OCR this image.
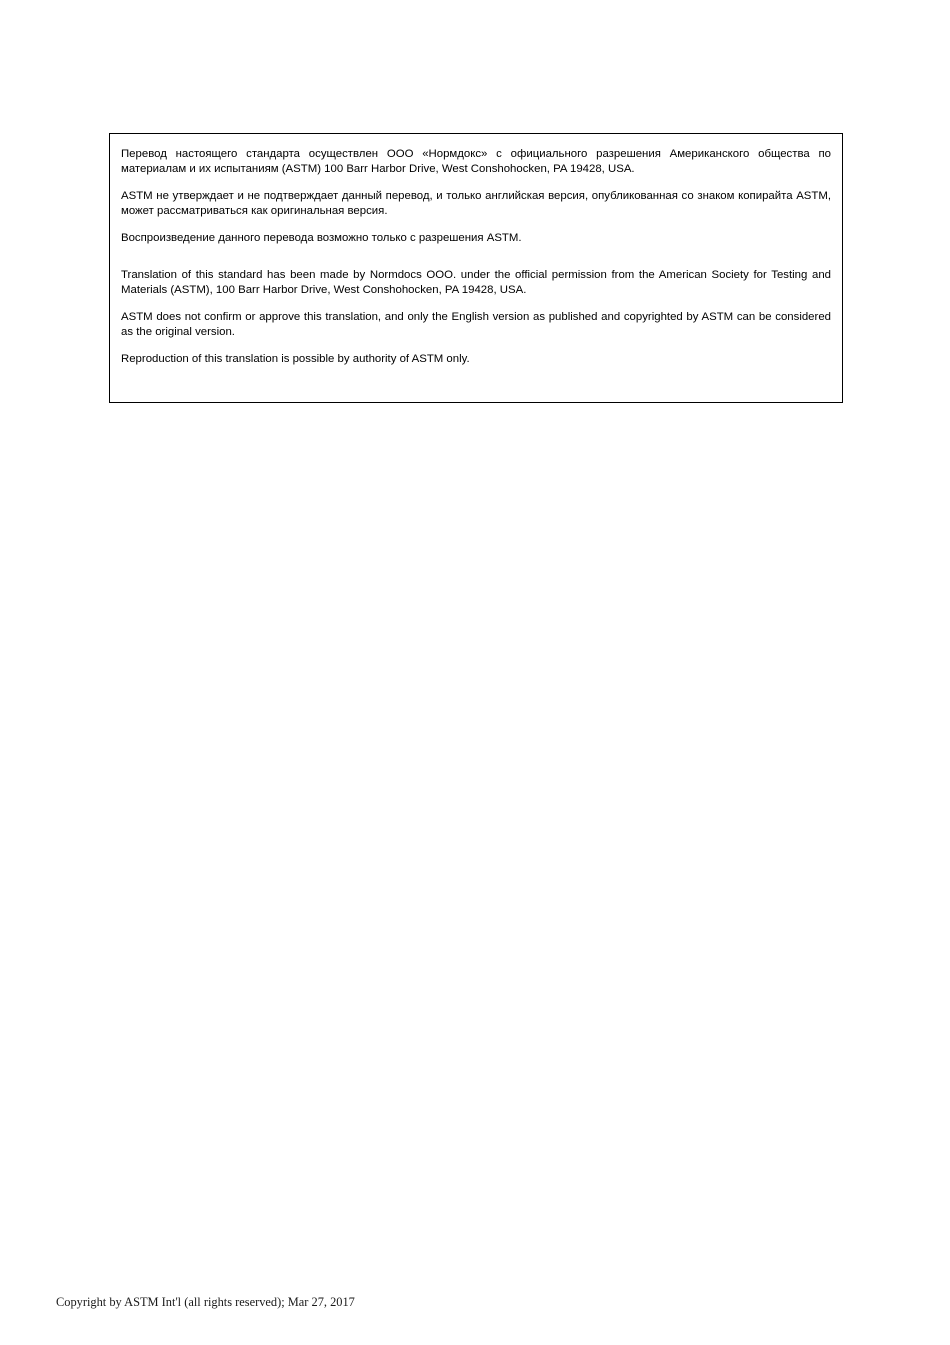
Перевод настоящего стандарта осуществлен ООО «Нормдокс» с официального разрешения Американского общества по материалам и их испытаниям (ASTM) 100 Barr Harbor Drive, West Conshohocken, PA 19428, USA.

ASTM не утверждает и не подтверждает данный перевод, и только английская версия, опубликованная со знаком копирайта ASTM, может рассматриваться как оригинальная версия.

Воспроизведение данного перевода возможно только с разрешения ASTM.

Translation of this standard has been made by Normdocs OOO. under the official permission from the American Society for Testing and Materials (ASTM), 100 Barr Harbor Drive, West Conshohocken, PA 19428, USA.

ASTM does not confirm or approve this translation, and only the English version as published and copyrighted by ASTM can be considered as the original version.

Reproduction of this translation is possible by authority of ASTM only.

Copyright by ASTM Int'l (all rights reserved); Mar 27, 2017
